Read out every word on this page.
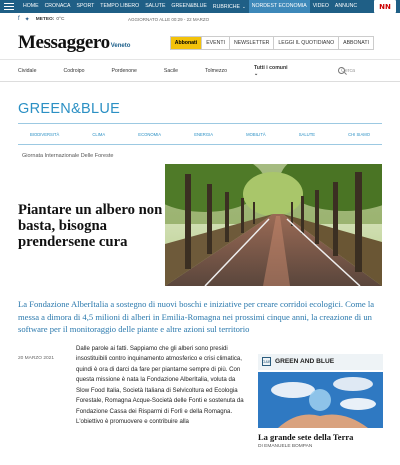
HOME	CRONACA	SPORT	TEMPO LIBERO	SALUTE	GREEN&BLUE	RUBRICHE ⌄	NORDEST ECONOMIA	VIDEO	ANNUNC	NN
f ✦ METEO: 0°C	AGGIORNATO ALLE 00:29 - 22 MARZO
Messaggero Veneto	Abbonati	EVENTI	NEWSLETTER	LEGGI IL QUOTIDIANO	ABBONATI
Cividale	Codroipo	Pordenone	Sacile	Tolmezzo	Tutti i comuni ⌄	Cerca
GREEN&BLUE
BIODIVERSITÀ	CLIMA	ECONOMIA	ENERGIA	MOBILITÀ	SALUTE	CHI SIAMO
Giornata Internazionale Delle Foreste
Piantare un albero non basta, bisogna prendersene cura

La Fondazione AlberItalia a sostegno di nuovi boschi e iniziative per creare corridoi ecologici. Come la messa a dimora di 4,5 milioni di alberi in Emilia-Romagna nei prossimi cinque anni, la creazione di un software per il monitoraggio delle piante e altre azioni sul territorio

20 MARZO 2021

Dalle parole ai fatti. Sappiamo che gli alberi sono presidi insostituibili contro inquinamento atmosferico e crisi climatica, quindi è ora di darci da fare per piantarne sempre di più. Con questa missione è nata la Fondazione AlberItalia, voluta da Slow Food Italia, Società Italiana di Selvicoltura ed Ecologia Forestale, Romagna Acque-Società delle Fonti e sostenuta da Fondazione Cassa dei Risparmi di Forlì e della Romagna. L'obiettivo è promuovere e contribuire alla

G&B GREEN AND BLUE
La grande sete della Terra
DI EMANUELE BOMPAN
